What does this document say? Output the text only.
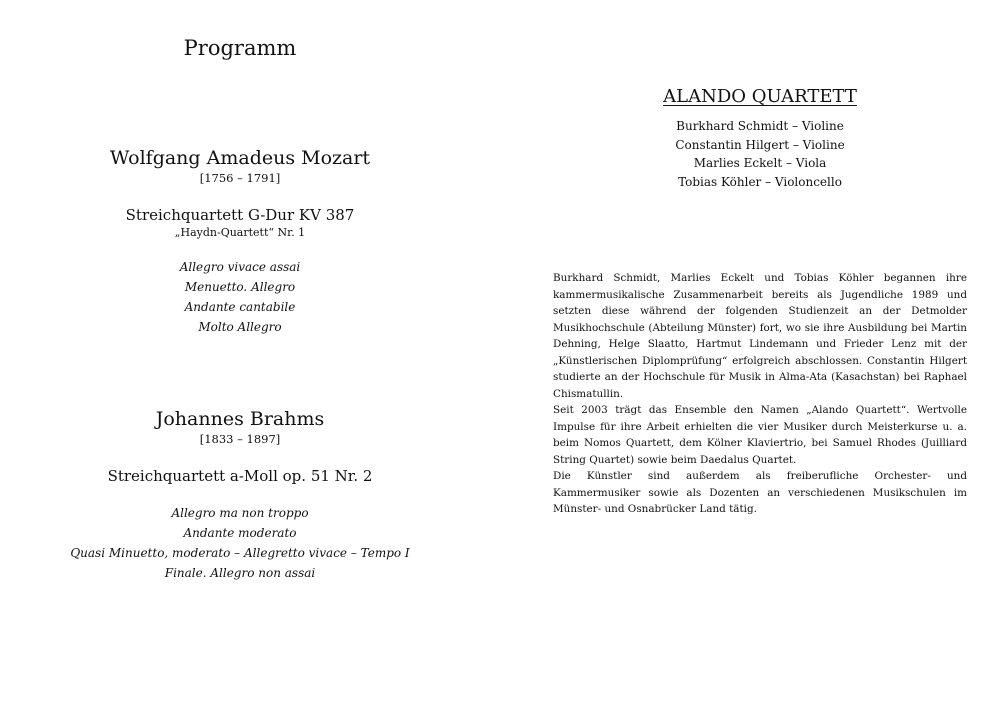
Programm
Wolfgang Amadeus Mozart
[1756 – 1791]
Streichquartett G-Dur KV 387
„Haydn-Quartett“ Nr. 1
Allegro vivace assai
Menuetto. Allegro
Andante cantabile
Molto Allegro
Johannes Brahms
[1833 – 1897]
Streichquartett a-Moll op. 51 Nr. 2
Allegro ma non troppo
Andante moderato
Quasi Minuetto, moderato – Allegretto vivace – Tempo I
Finale. Allegro non assai
ALANDO QUARTETT
Burkhard Schmidt – Violine
Constantin Hilgert – Violine
Marlies Eckelt – Viola
Tobias Köhler – Violoncello

Burkhard Schmidt, Marlies Eckelt und Tobias Köhler begannen ihre kammermusikalische Zusammenarbeit bereits als Jugendliche 1989 und setzten diese während der folgenden Studienzeit an der Detmolder Musikhochschule (Abteilung Münster) fort, wo sie ihre Ausbildung bei Martin Dehning, Helge Slaatto, Hartmut Lindemann und Frieder Lenz mit der „Künstlerischen Diplomprüfung“ erfolgreich abschlossen. Constantin Hilgert studierte an der Hochschule für Musik in Alma-Ata (Kasachstan) bei Raphael Chismatullin.

Seit 2003 trägt das Ensemble den Namen „Alando Quartett“. Wertvolle Impulse für ihre Arbeit erhielten die vier Musiker durch Meisterkurse u. a. beim Nomos Quartett, dem Kölner Klaviertrio, bei Samuel Rhodes (Juilliard String Quartet) sowie beim Daedalus Quartet.

Die Künstler sind außerdem als freiberufliche Orchester- und Kammermusiker sowie als Dozenten an verschiedenen Musikschulen im Münster- und Osnabrücker Land tätig.
